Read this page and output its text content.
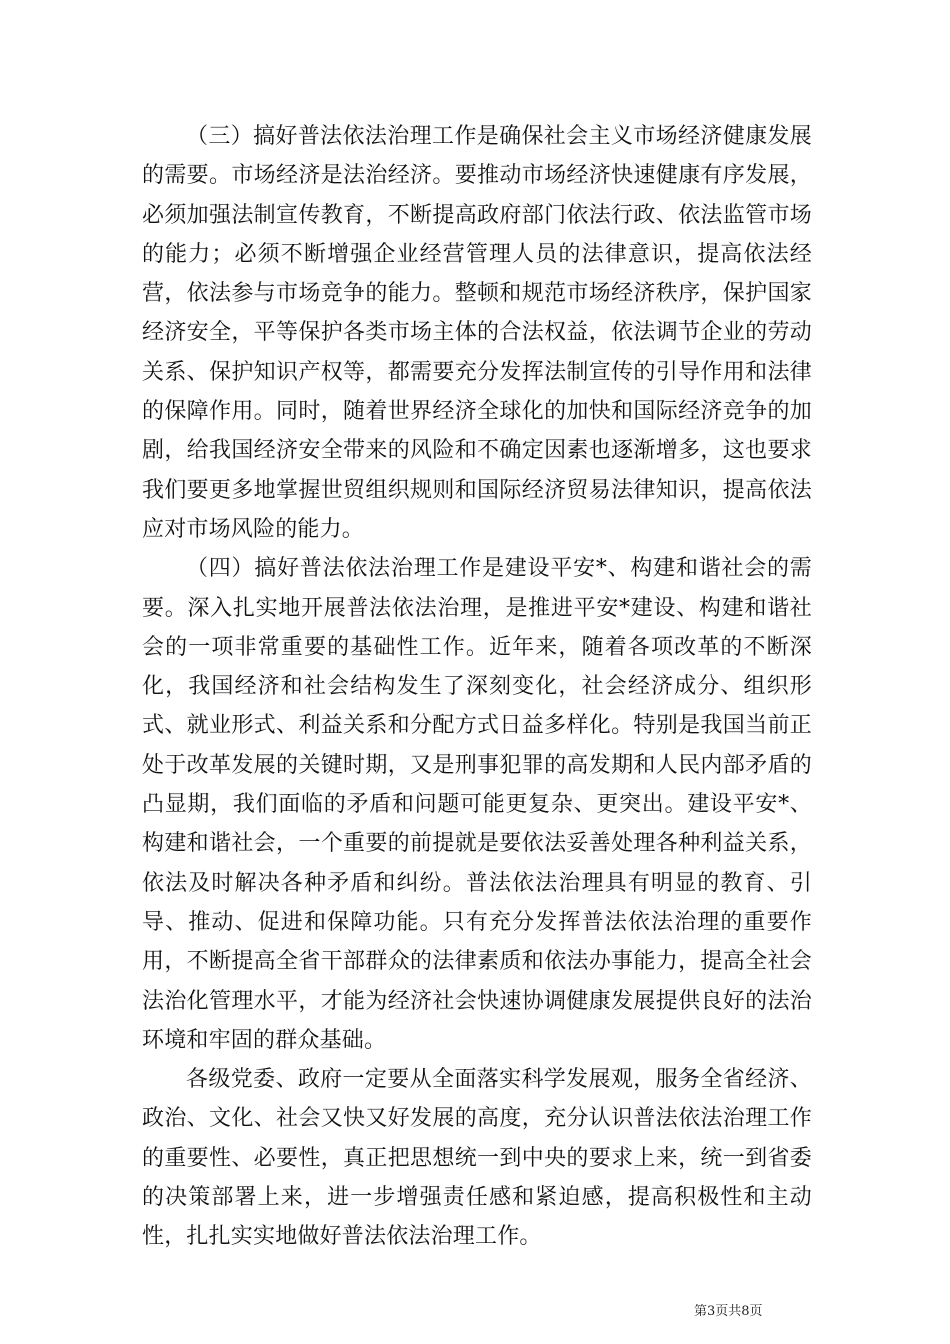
（三）搞好普法依法治理工作是确保社会主义市场经济健康发展的需要。市场经济是法治经济。要推动市场经济快速健康有序发展，必须加强法制宣传教育，不断提高政府部门依法行政、依法监管市场的能力；必须不断增强企业经营管理人员的法律意识，提高依法经营，依法参与市场竞争的能力。整顿和规范市场经济秩序，保护国家经济安全，平等保护各类市场主体的合法权益，依法调节企业的劳动关系、保护知识产权等，都需要充分发挥法制宣传的引导作用和法律的保障作用。同时，随着世界经济全球化的加快和国际经济竞争的加剧，给我国经济安全带来的风险和不确定因素也逐渐增多，这也要求我们要更多地掌握世贸组织规则和国际经济贸易法律知识，提高依法应对市场风险的能力。

（四）搞好普法依法治理工作是建设平安*、构建和谐社会的需要。深入扎实地开展普法依法治理，是推进平安*建设、构建和谐社会的一项非常重要的基础性工作。近年来，随着各项改革的不断深化，我国经济和社会结构发生了深刻变化，社会经济成分、组织形式、就业形式、利益关系和分配方式日益多样化。特别是我国当前正处于改革发展的关键时期，又是刑事犯罪的高发期和人民内部矛盾的凸显期，我们面临的矛盾和问题可能更复杂、更突出。建设平安*、构建和谐社会，一个重要的前提就是要依法妥善处理各种利益关系，依法及时解决各种矛盾和纠纷。普法依法治理具有明显的教育、引导、推动、促进和保障功能。只有充分发挥普法依法治理的重要作用，不断提高全省干部群众的法律素质和依法办事能力，提高全社会法治化管理水平，才能为经济社会快速协调健康发展提供良好的法治环境和牢固的群众基础。

各级党委、政府一定要从全面落实科学发展观，服务全省经济、政治、文化、社会又快又好发展的高度，充分认识普法依法治理工作的重要性、必要性，真正把思想统一到中央的要求上来，统一到省委的决策部署上来，进一步增强责任感和紧迫感，提高积极性和主动性，扎扎实实地做好普法依法治理工作。

第3页共8页
